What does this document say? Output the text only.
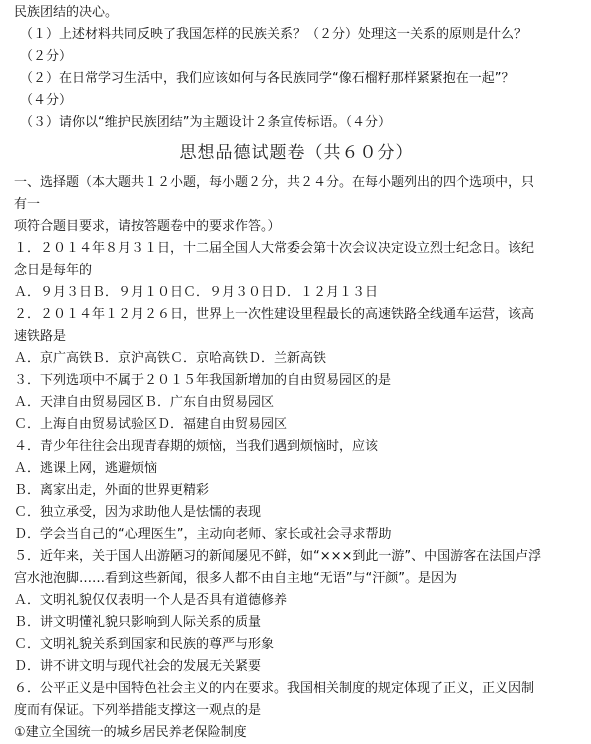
民族团结的决心。
（１）上述材料共同反映了我国怎样的民族关系？（２分）处理这一关系的原则是什么？
（２分）
（２）在日常学习生活中，我们应该如何与各民族同学“像石榴籽那样紧紧抱在一起”？
（４分）
（３）请你以“维护民族团结”为主题设计２条宣传标语。（４分）
思想品德试题卷（共６０分）
一、选择题（本大题共１２小题，每小题２分，共２４分。在每小题列出的四个选项中，只
有一
项符合题目要求，请按答题卷中的要求作答。）
１．２０１４年８月３１日，十二届全国人大常委会第十次会议决定设立烈士纪念日。该纪
念日是每年的
Ａ．９月３日Ｂ．９月１０日Ｃ．９月３０日Ｄ．１２月１３日
２．２０１４年１２月２６日，世界上一次性建设里程最长的高速铁路全线通车运营，该高
速铁路是
Ａ．京广高铁Ｂ．京沪高铁Ｃ．京哈高铁Ｄ．兰新高铁
３．下列选项中不属于２０１５年我国新增加的自由贸易园区的是
Ａ．天津自由贸易园区Ｂ．广东自由贸易园区
Ｃ．上海自由贸易试验区Ｄ．福建自由贸易园区
４．青少年往往会出现青春期的烦恼，当我们遇到烦恼时，应该
Ａ．逃课上网，逃避烦恼
Ｂ．离家出走，外面的世界更精彩
Ｃ．独立承受，因为求助他人是怯懦的表现
Ｄ．学会当自己的“心理医生”，主动向老师、家长或社会寻求帮助
５．近年来，关于国人出游陋习的新闻屡见不鲜，如“×××到此一游”、中国游客在法国卢浮
宫水池泡脚……看到这些新闻，很多人都不由自主地“无语”与“汗颜”。是因为
Ａ．文明礼貌仅仅表明一个人是否具有道德修养
Ｂ．讲文明懂礼貌只影响到人际关系的质量
Ｃ．文明礼貌关系到国家和民族的尊严与形象
Ｄ．讲不讲文明与现代社会的发展无关紧要
６．公平正义是中国特色社会主义的内在要求。我国相关制度的规定体现了正义，正义因制
度而有保证。下列举措能支撑这一观点的是
①建立全国统一的城乡居民养老保险制度
